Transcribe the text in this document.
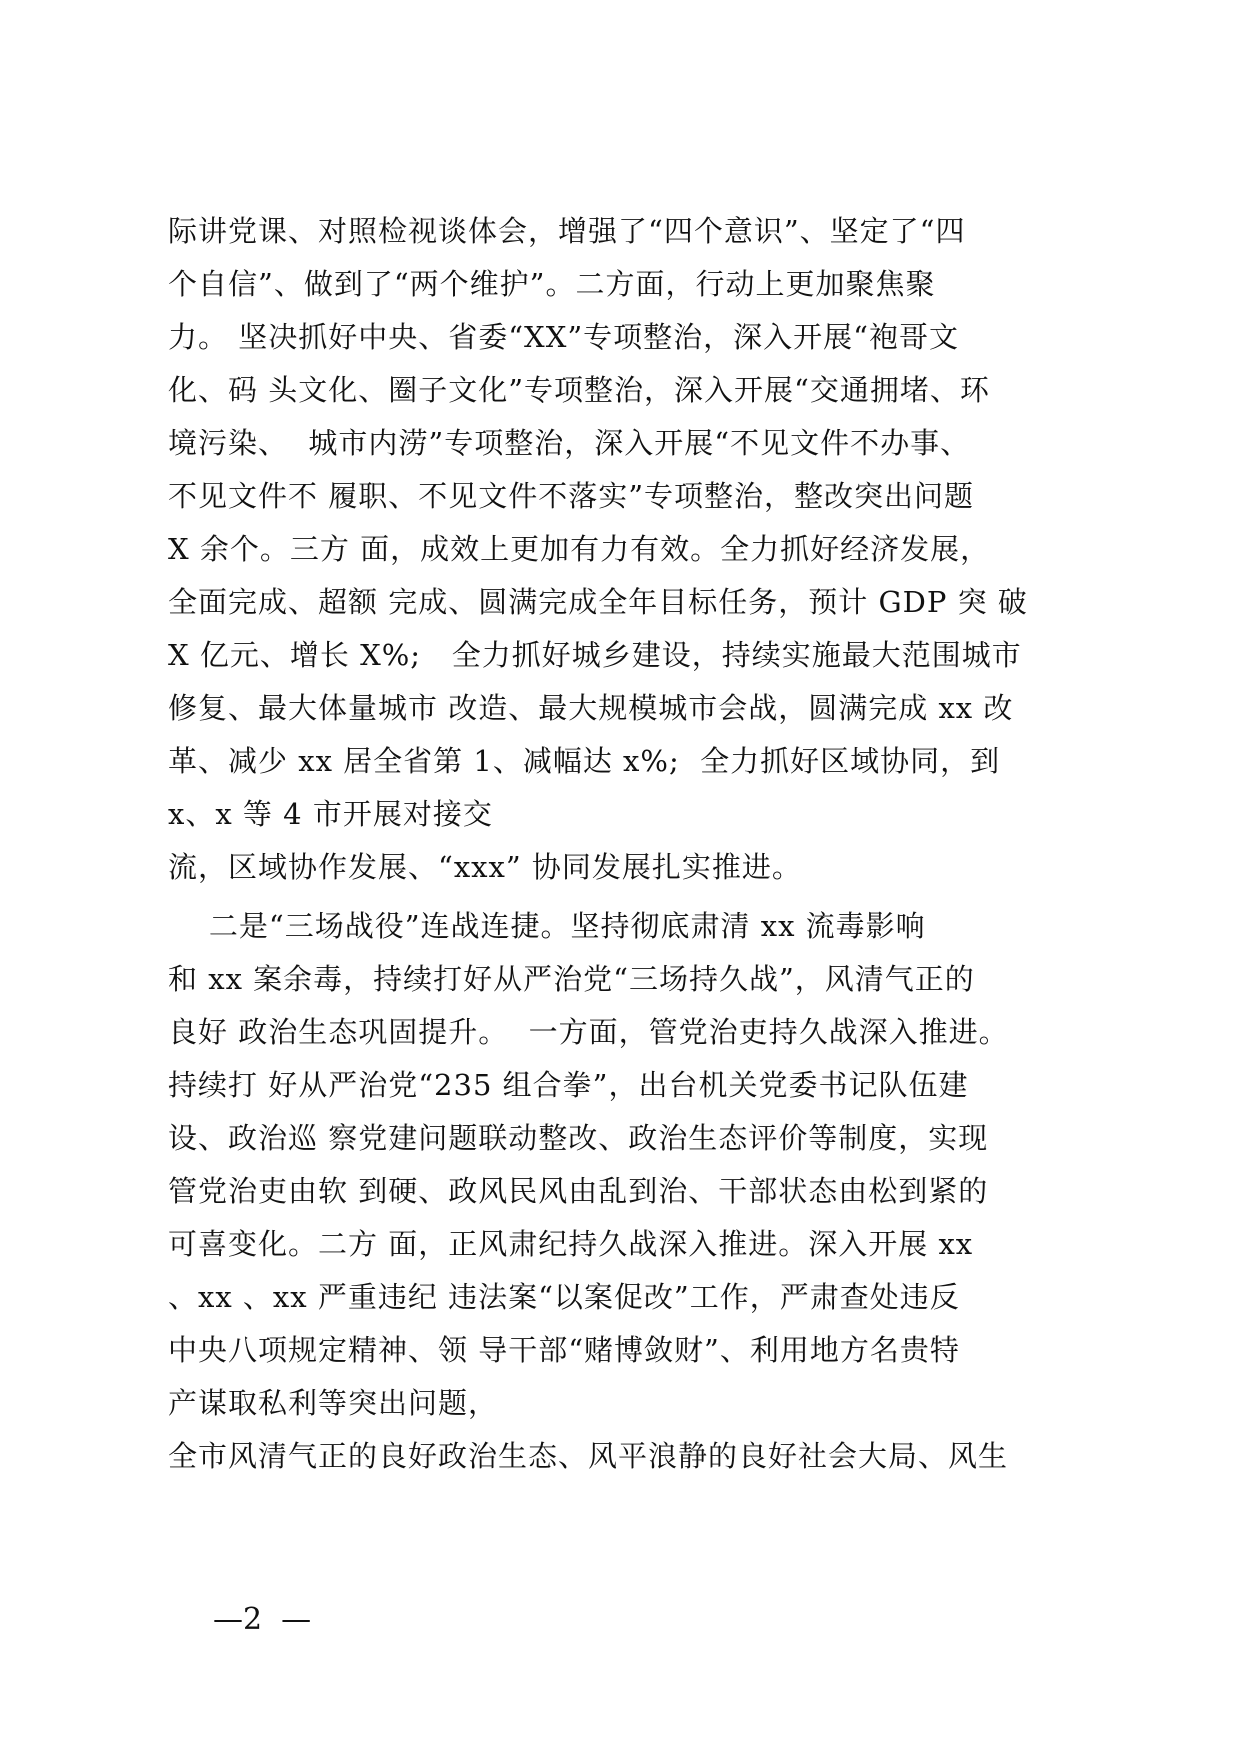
际讲党课、对照检视谈体会，增强了“四个意识”、坚定了“四
个自信”、做到了“两个维护”。二方面，行动上更加聚焦聚
力。 坚决抓好中央、省委“XX”专项整治，深入开展“袍哥文
化、码 头文化、圈子文化”专项整治，深入开展“交通拥堵、环
境污染、  城市内涝”专项整治，深入开展“不见文件不办事、
不见文件不 履职、不见文件不落实”专项整治，整改突出问题
X 余个。三方 面，成效上更加有力有效。全力抓好经济发展，
全面完成、超额 完成、圆满完成全年目标任务，预计 GDP 突 破
X 亿元、增长 X%;   全力抓好城乡建设，持续实施最大范围城市
修复、最大体量城市 改造、最大规模城市会战，圆满完成 xx 改
革、减少 xx 居全省第 1、减幅达 x%;  全力抓好区域协同，到
x、x 等 4 市开展对接交
流，区域协作发展、“xxx” 协同发展扎实推进。
二是“三场战役”连战连捷。坚持彻底肃清 xx 流毒影响
和 xx 案余毒，持续打好从严治党“三场持久战”，风清气正的
良好 政治生态巩固提升。  一方面，管党治吏持久战深入推进。
持续打 好从严治党“235 组合拳”，出台机关党委书记队伍建
设、政治巡 察党建问题联动整改、政治生态评价等制度，实现
管党治吏由软 到硬、政风民风由乱到治、干部状态由松到紧的
可喜变化。二方 面，正风肃纪持久战深入推进。深入开展 xx
、xx 、xx 严重违纪 违法案“以案促改”工作，严肃查处违反
中央八项规定精神、领 导干部“赌博敛财”、利用地方名贵特
产谋取私利等突出问题，
全市风清气正的良好政治生态、风平浪静的良好社会大局、风生
—2  —
